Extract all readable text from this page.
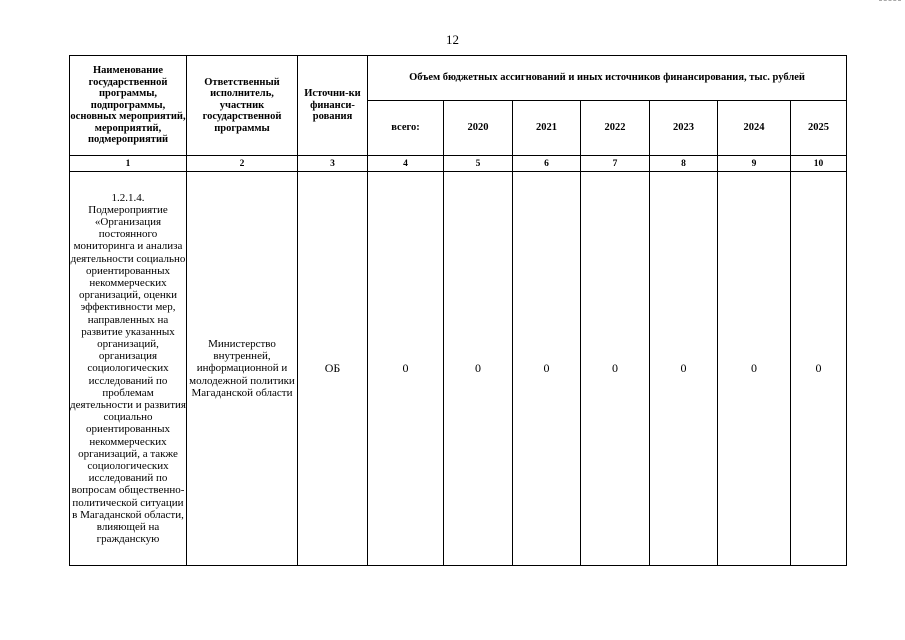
12
Наименование государственной программы, подпрограммы, основных мероприятий, мероприятий, подмероприятий	Ответственный исполнитель, участник государственной программы	Источни-ки финанси-рования	Объем бюджетных ассигнований и иных источников финансирования, тыс. рублей						
			всего:	2020	2021	2022	2023	2024	2025
1	2	3	4	5	6	7	8	9	10

1.2.1.4.
Подмероприятие «Организация постоянного мониторинга и анализа деятельности социально ориентированных некоммерческих организаций, оценки эффективности мер, направленных на развитие указанных организаций, организация социологических исследований по проблемам деятельности и развития социально ориентированных некоммерческих организаций, а также социологических исследований по вопросам общественно-политической ситуации в Магаданской области, влияющей на гражданскую	Министерство внутренней, информационной и молодежной политики Магаданской области	ОБ	0	0	0	0	0	0	0
